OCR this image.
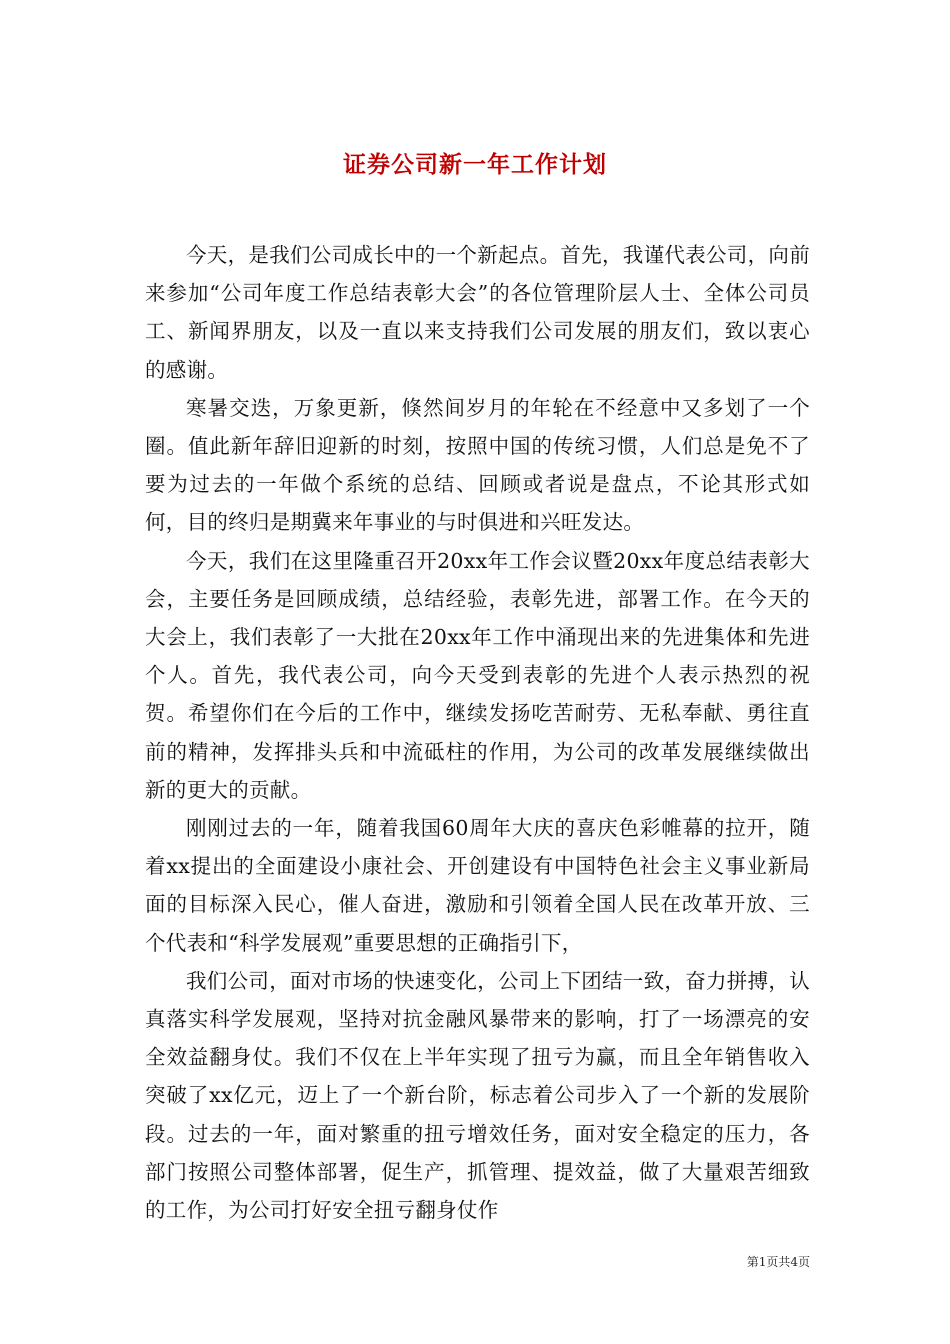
证券公司新一年工作计划

今天，是我们公司成长中的一个新起点。首先，我谨代表公司，向前来参加“公司年度工作总结表彰大会”的各位管理阶层人士、全体公司员工、新闻界朋友，以及一直以来支持我们公司发展的朋友们，致以衷心的感谢。

寒暑交迭，万象更新，倏然间岁月的年轮在不经意中又多划了一个圈。值此新年辞旧迎新的时刻，按照中国的传统习惯，人们总是免不了要为过去的一年做个系统的总结、回顾或者说是盘点，不论其形式如何，目的终归是期冀来年事业的与时俱进和兴旺发达。

今天，我们在这里隆重召开20xx年工作会议暨20xx年度总结表彰大会，主要任务是回顾成绩，总结经验，表彰先进，部署工作。在今天的大会上，我们表彰了一大批在20xx年工作中涌现出来的先进集体和先进个人。首先，我代表公司，向今天受到表彰的先进个人表示热烈的祝贺。希望你们在今后的工作中，继续发扬吃苦耐劳、无私奉献、勇往直前的精神，发挥排头兵和中流砥柱的作用，为公司的改革发展继续做出新的更大的贡献。

刚刚过去的一年，随着我国60周年大庆的喜庆色彩帷幕的拉开，随着xx提出的全面建设小康社会、开创建设有中国特色社会主义事业新局面的目标深入民心，催人奋进，激励和引领着全国人民在改革开放、三个代表和“科学发展观”重要思想的正确指引下，

我们公司，面对市场的快速变化，公司上下团结一致，奋力拼搏，认真落实科学发展观，坚持对抗金融风暴带来的影响，打了一场漂亮的安全效益翻身仗。我们不仅在上半年实现了扭亏为赢，而且全年销售收入突破了xx亿元，迈上了一个新台阶，标志着公司步入了一个新的发展阶段。过去的一年，面对繁重的扭亏增效任务，面对安全稳定的压力，各部门按照公司整体部署，促生产，抓管理、提效益，做了大量艰苦细致的工作，为公司打好安全扭亏翻身仗作

第1页共4页
